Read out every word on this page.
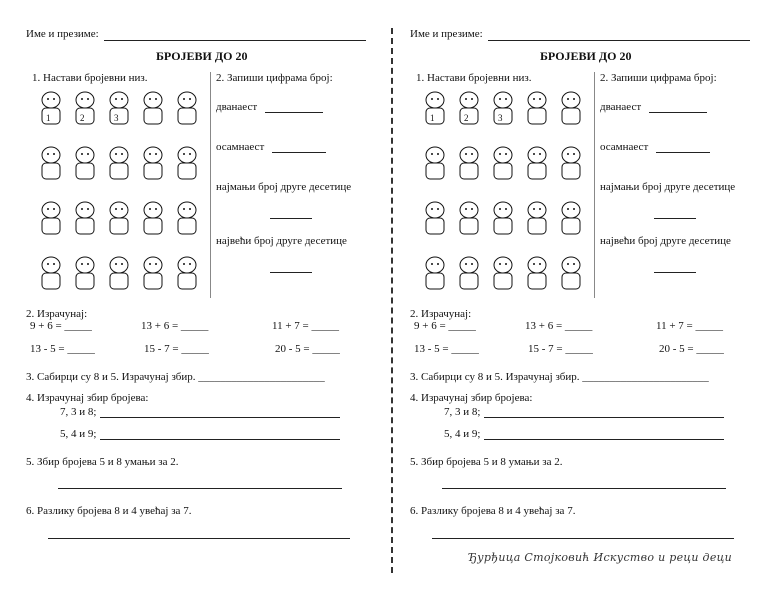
Име и презиме:
БРОЈЕВИ ДО 20
1. Настави бројевни низ.	2. Запиши цифрама број:
1	2	3
дванаест
осамнаест
најмањи број друге десетице
највећи број друге десетице
2. Израчунај:
9 + 6 = _____	13 + 6 = _____	11 + 7 = _____
13 - 5 = _____	15 - 7 = _____	20 - 5 = _____
3. Сабирци су 8 и 5. Израчунај збир. _______________________
4. Израчунај збир бројева:
7, 3 и 8;
5, 4 и 9;
5. Збир бројева 5 и 8 умањи за 2.
6. Разлику бројева 8 и 4 увећај за 7.
Име и презиме:
БРОЈЕВИ ДО 20
1. Настави бројевни низ.	2. Запиши цифрама број:
1	2	3
дванаест
осамнаест
најмањи број друге десетице
највећи број друге десетице
2. Израчунај:
9 + 6 = _____	13 + 6 = _____	11 + 7 = _____
13 - 5 = _____	15 - 7 = _____	20 - 5 = _____
3. Сабирци су 8 и 5. Израчунај збир. _______________________
4. Израчунај збир бројева:
7, 3 и 8;
5, 4 и 9;
5. Збир бројева 5 и 8 умањи за 2.
6. Разлику бројева 8 и 4 увећај за 7.
Ђурђица Стојковић Искуство и реци деци
